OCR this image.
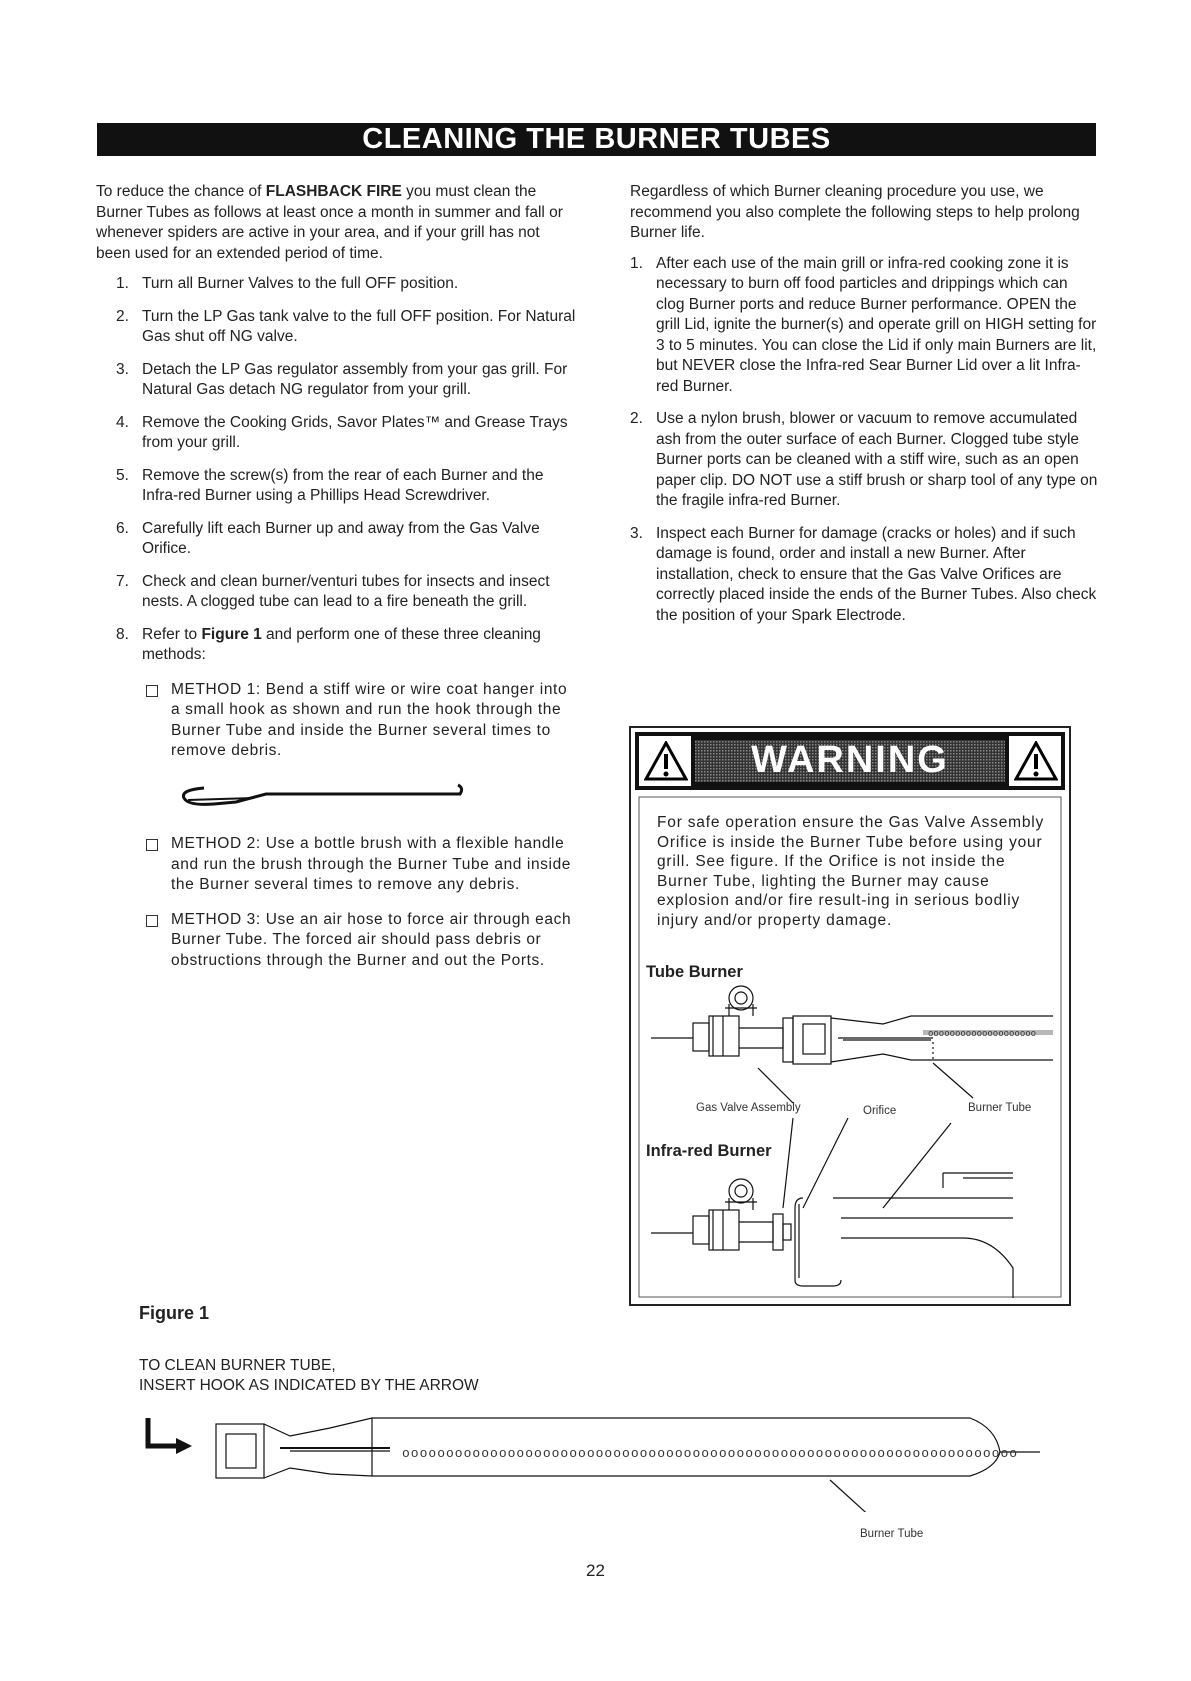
CLEANING THE BURNER TUBES

To reduce the chance of FLASHBACK FIRE you must clean the Burner Tubes as follows at least once a month in summer and fall or whenever spiders are active in your area, and if your grill has not been used for an extended period of time.

1. Turn all Burner Valves to the full OFF position.
2. Turn the LP Gas tank valve to the full OFF position. For Natural Gas shut off NG valve.
3. Detach the LP Gas regulator assembly from your gas grill. For Natural Gas detach NG regulator from your grill.
4. Remove the Cooking Grids, Savor Plates™ and Grease Trays from your grill.
5. Remove the screw(s) from the rear of each Burner and the Infra-red Burner using a Phillips Head Screwdriver.
6. Carefully lift each Burner up and away from the Gas Valve Orifice.
7. Check and clean burner/venturi tubes for insects and insect nests. A clogged tube can lead to a fire beneath the grill.
8. Refer to Figure 1 and perform one of these three cleaning methods:
METHOD 1: Bend a stiff wire or wire coat hanger into a small hook as shown and run the hook through the Burner Tube and inside the Burner several times to remove debris.
METHOD 2: Use a bottle brush with a flexible handle and run the brush through the Burner Tube and inside the Burner several times to remove any debris.
METHOD 3: Use an air hose to force air through each Burner Tube. The forced air should pass debris or obstructions through the Burner and out the Ports.

Regardless of which Burner cleaning procedure you use, we recommend you also complete the following steps to help prolong Burner life.

1. After each use of the main grill or infra-red cooking zone it is necessary to burn off food particles and drippings which can clog Burner ports and reduce Burner performance. OPEN the grill Lid, ignite the burner(s) and operate grill on HIGH setting for 3 to 5 minutes. You can close the Lid if only main Burners are lit, but NEVER close the Infra-red Sear Burner Lid over a lit Infra-red Burner.
2. Use a nylon brush, blower or vacuum to remove accumulated ash from the outer surface of each Burner. Clogged tube style Burner ports can be cleaned with a stiff wire, such as an open paper clip. DO NOT use a stiff brush or sharp tool of any type on the fragile infra-red Burner.
3. Inspect each Burner for damage (cracks or holes) and if such damage is found, order and install a new Burner. After installation, check to ensure that the Gas Valve Orifices are correctly placed inside the ends of the Burner Tubes. Also check the position of your Spark Electrode.
WARNING
For safe operation ensure the Gas Valve Assembly Orifice is inside the Burner Tube before using your grill. See figure. If the Orifice is not inside the Burner Tube, lighting the Burner may cause explosion and/or fire result-ing in serious bodliy injury and/or property damage.
Tube Burner
Infra-red Burner
Gas Valve Assembly	Orifice	Burner Tube
oooooooooooooooooooo
Figure 1
TO CLEAN BURNER TUBE,
INSERT HOOK AS INDICATED BY THE ARROW
oooooooooooooooooooooooooooooooooooooooooooooooooooooooooooooooooooooo
Burner Tube
22
